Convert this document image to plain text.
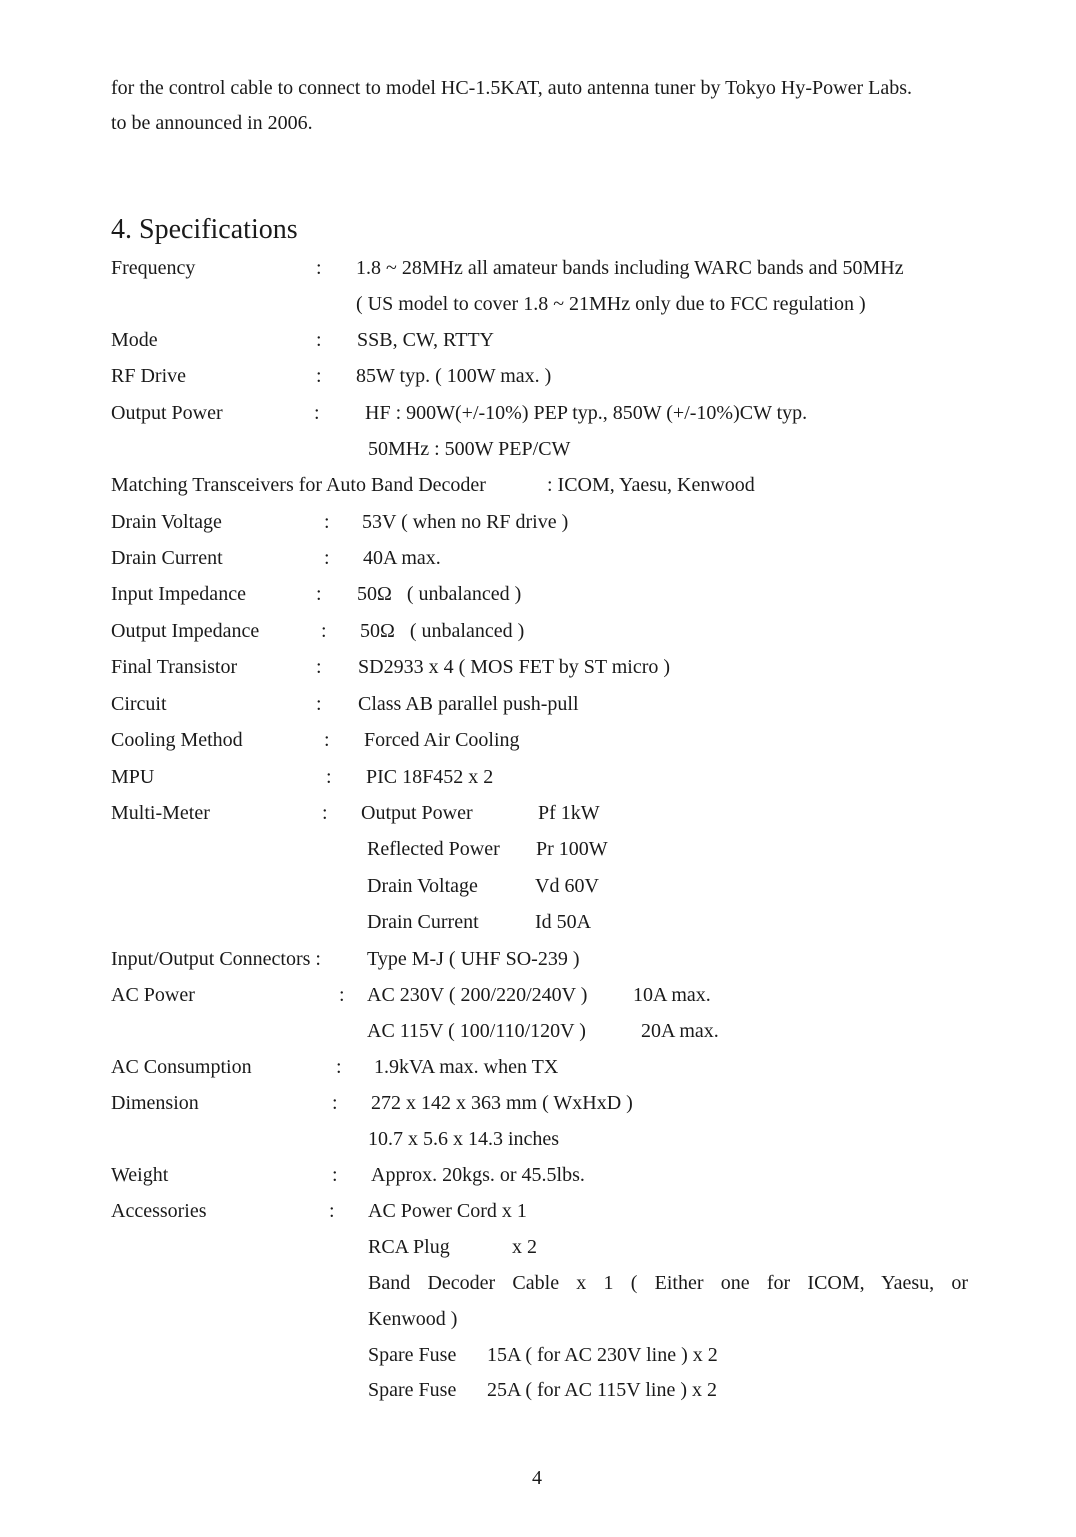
for the control cable to connect to model HC-1.5KAT, auto antenna tuner by Tokyo Hy-Power Labs.
to be announced in 2006.
4. Specifications
Frequency	: 1.8 ~ 28MHz all amateur bands including WARC bands and 50MHz
( US model to cover 1.8 ~ 21MHz only due to FCC regulation )
Mode	: SSB, CW, RTTY
RF Drive	: 85W typ. ( 100W max. )
Output Power	: HF : 900W(+/-10%) PEP typ., 850W (+/-10%)CW typ.
50MHz : 500W PEP/CW
Matching Transceivers for Auto Band Decoder	: ICOM, Yaesu, Kenwood
Drain Voltage	: 53V ( when no RF drive )
Drain Current	: 40A max.
Input Impedance	: 50Ω   ( unbalanced )
Output Impedance	: 50Ω   ( unbalanced )
Final Transistor	: SD2933 x 4 ( MOS FET by ST micro )
Circuit	: Class AB parallel push-pull
Cooling Method	: Forced Air Cooling
MPU	: PIC 18F452 x 2
Multi-Meter	: Output Power	Pf 1kW
Reflected Power Pr 100W
Drain Voltage	Vd 60V
Drain Current	Id 50A
Input/Output Connectors : Type M-J ( UHF SO-239 )
AC Power	: AC 230V ( 200/220/240V ) 10A max.
AC 115V ( 100/110/120V )	20A max.
AC Consumption	: 1.9kVA max. when TX
Dimension	: 272 x 142 x 363 mm ( WxHxD )
10.7 x 5.6 x 14.3 inches
Weight	: Approx. 20kgs. or 45.5lbs.
Accessories	: AC Power Cord x 1
RCA Plug	x 2
Band Decoder Cable x 1 ( Either one for ICOM, Yaesu, or
Kenwood )
Spare Fuse 15A ( for AC 230V line ) x 2
Spare Fuse 25A ( for AC 115V line ) x 2
4
